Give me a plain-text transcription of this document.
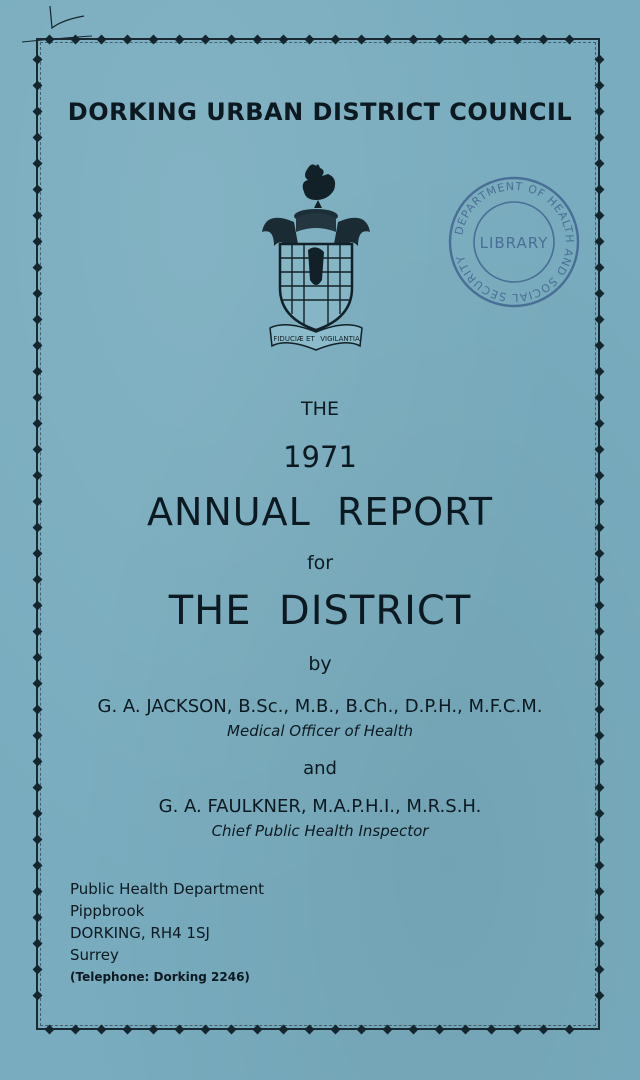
DORKING URBAN DISTRICT COUNCIL
FIDUCIÆ ET VIGILANTIA
DEPARTMENT OF HEALTH AND SOCIAL SECURITY
LIBRARY
THE
1971
ANNUAL  REPORT
for
THE  DISTRICT
by
G. A. JACKSON, B.Sc., M.B., B.Ch., D.P.H., M.F.C.M.
Medical Officer of Health
and
G. A. FAULKNER, M.A.P.H.I., M.R.S.H.
Chief Public Health Inspector
Public Health Department
Pippbrook
DORKING, RH4 1SJ
Surrey
(Telephone: Dorking 2246)
